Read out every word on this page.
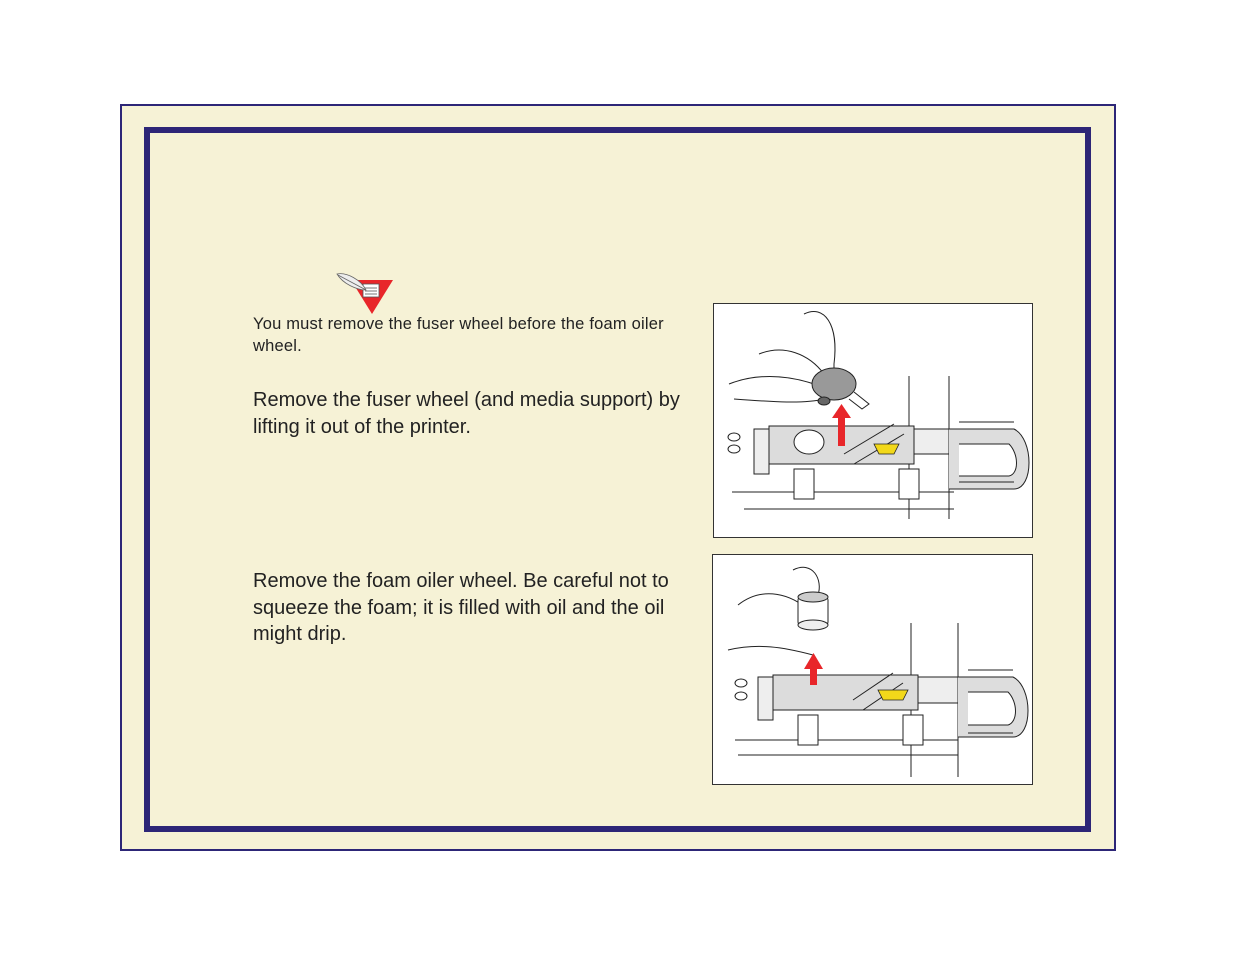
You must remove the fuser wheel before the foam oiler wheel.
Remove the fuser wheel (and media support) by lifting it out of the printer.
Remove the foam oiler wheel. Be careful not to squeeze the foam; it is filled with oil and the oil might drip.
